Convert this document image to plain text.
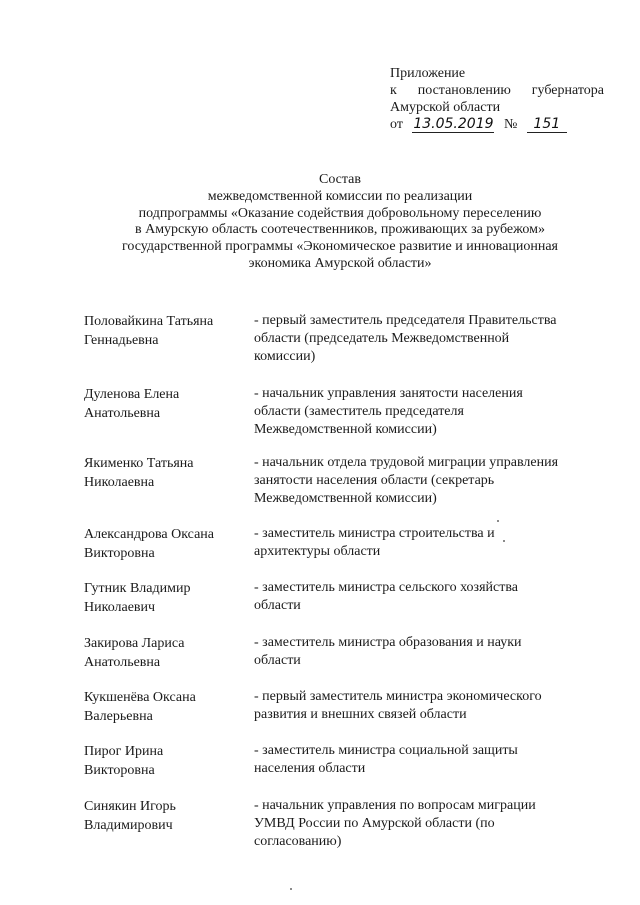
Приложение
к постановлению губернатора
Амурской области
от 13.05.2019 № 151
Состав
межведомственной комиссии по реализации
подпрограммы «Оказание содействия добровольному переселению
в Амурскую область соотечественников, проживающих за рубежом»
государственной программы «Экономическое развитие и инновационная
экономика Амурской области»
Половайкина Татьяна
Геннадьевна
- первый заместитель председателя Правительства
области (председатель Межведомственной
комиссии)
Дуленова Елена
Анатольевна
- начальник управления занятости населения
области (заместитель председателя
Межведомственной комиссии)
Якименко Татьяна
Николаевна
- начальник отдела трудовой миграции управления
занятости населения области (секретарь
Межведомственной комиссии)
Александрова Оксана
Викторовна
- заместитель министра строительства и
архитектуры области
Гутник Владимир
Николаевич
- заместитель министра сельского хозяйства
области
Закирова Лариса
Анатольевна
- заместитель министра образования и науки
области
Кукшенёва Оксана
Валерьевна
- первый заместитель министра экономического
развития и внешних связей области
Пирог Ирина
Викторовна
- заместитель министра социальной защиты
населения области
Синякин Игорь
Владимирович
- начальник управления по вопросам миграции
УМВД России по Амурской области (по
согласованию)
